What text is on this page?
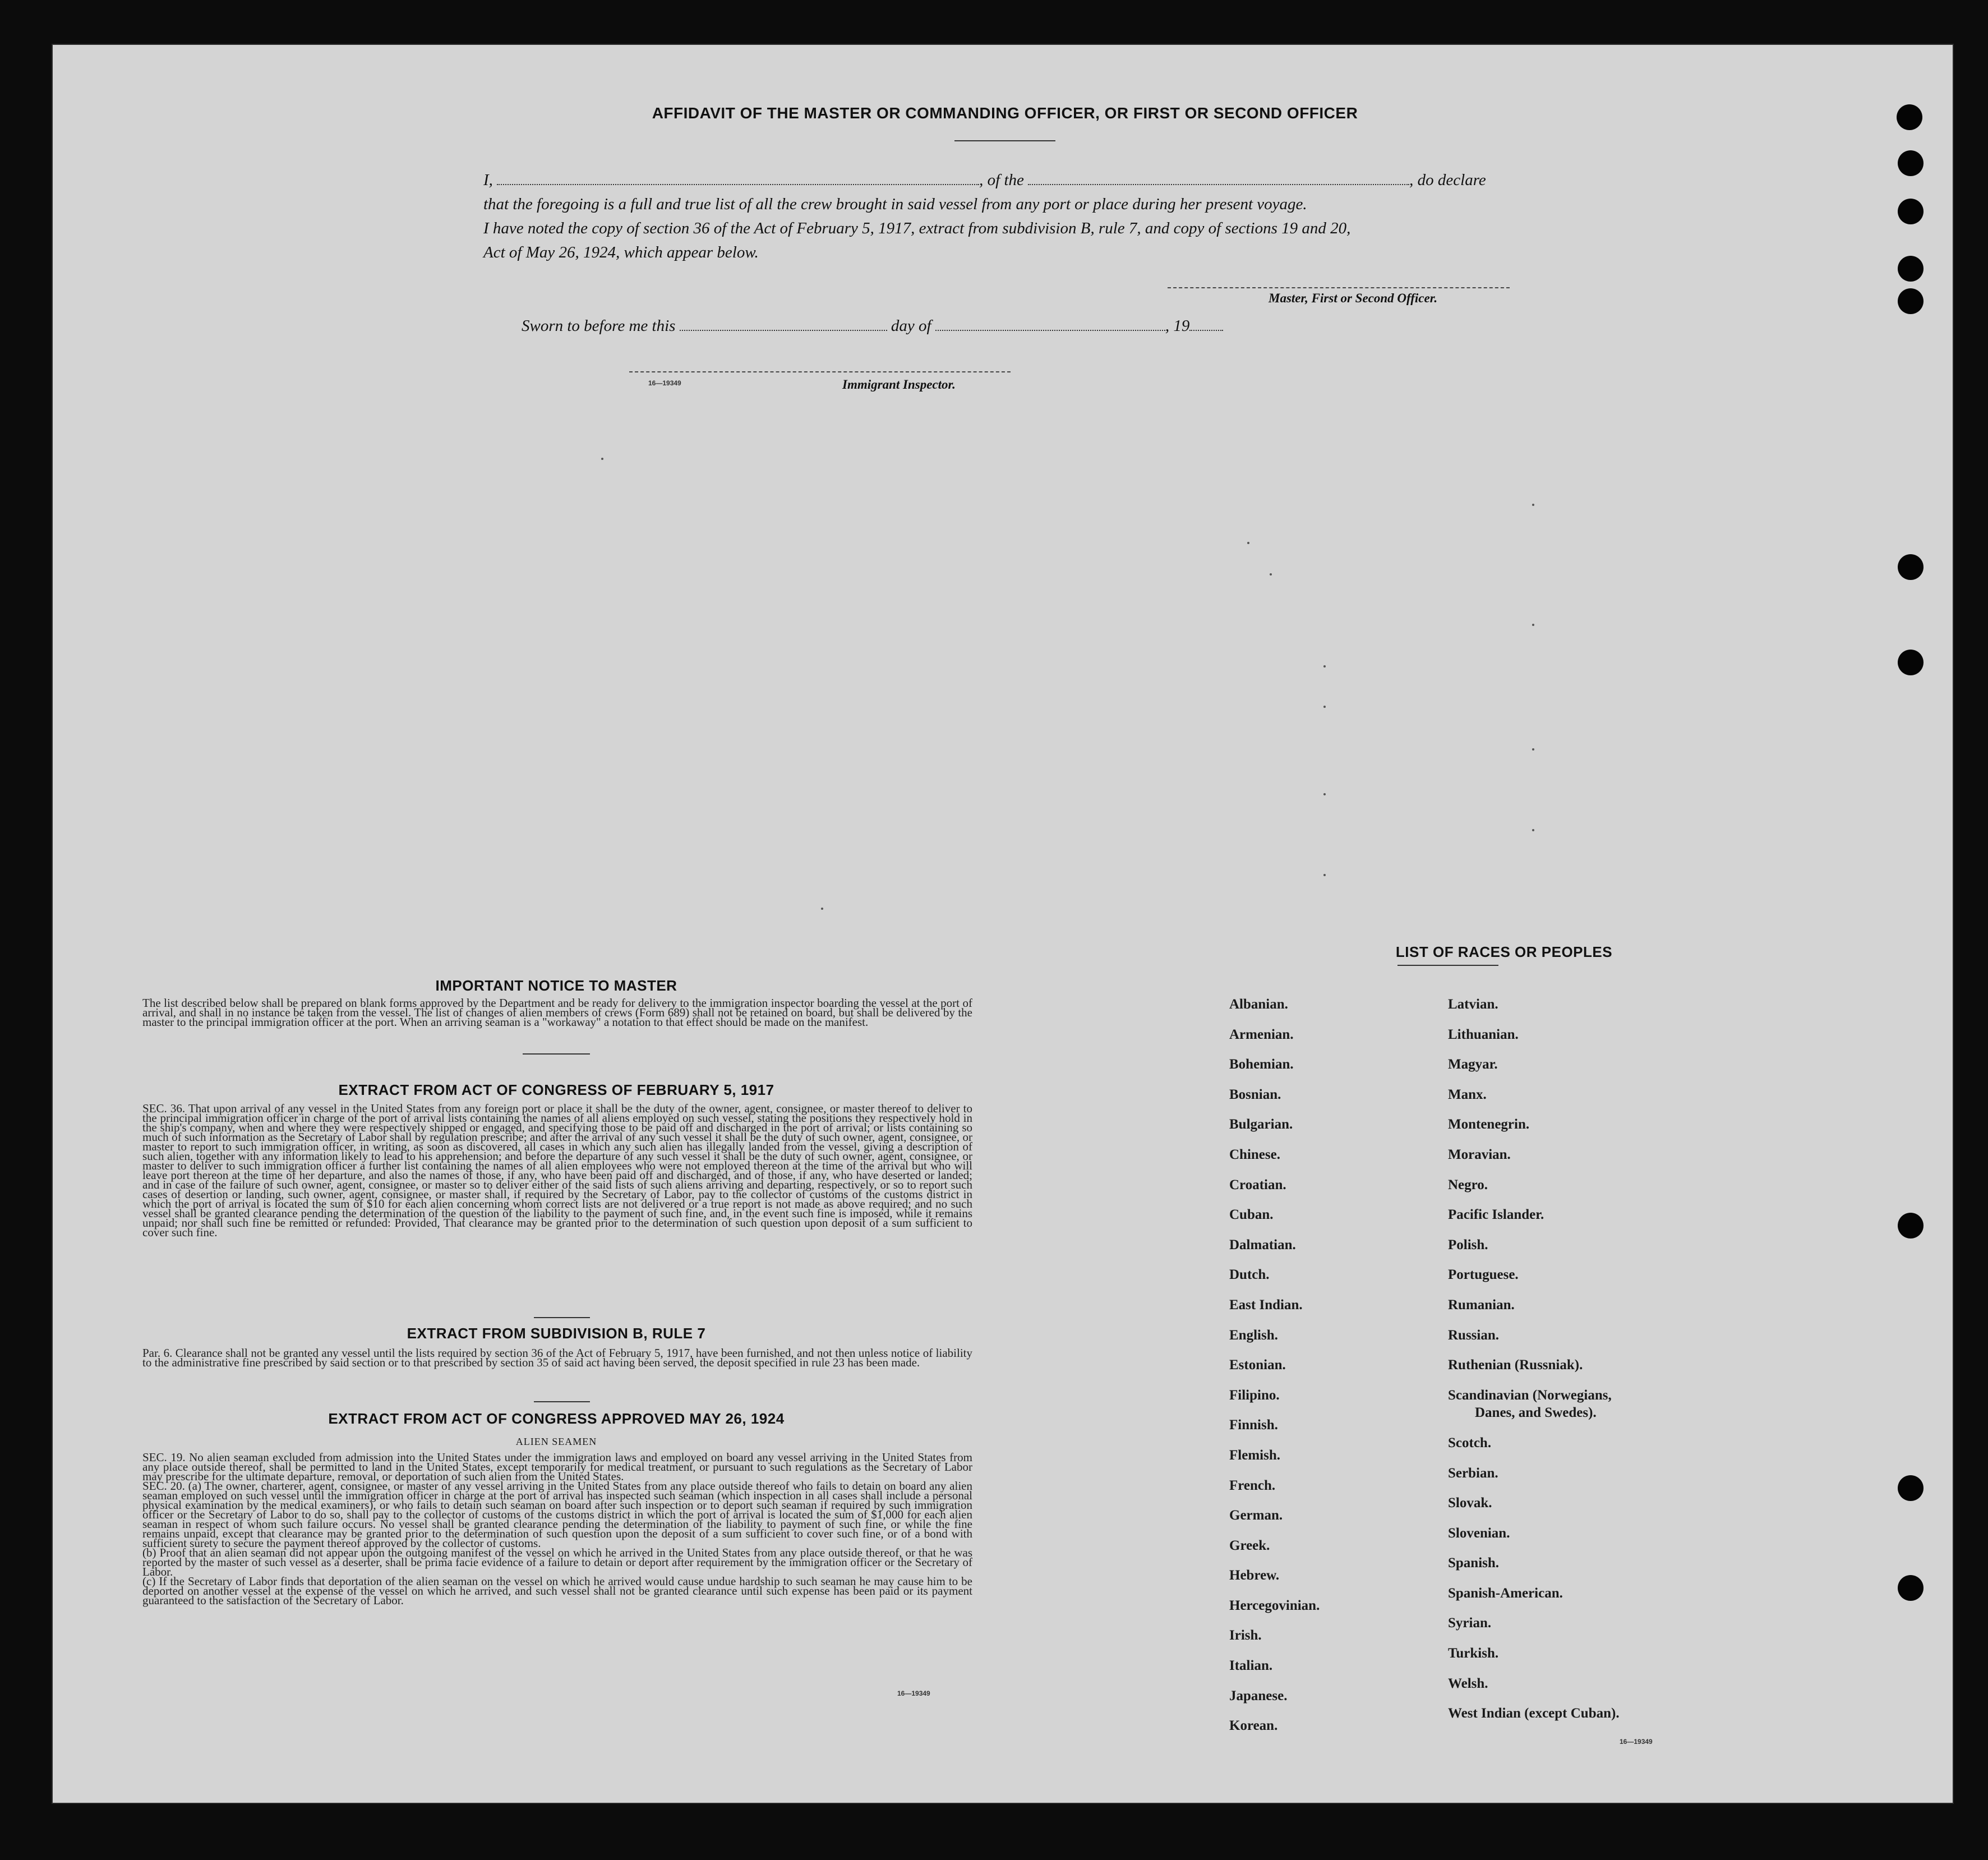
AFFIDAVIT OF THE MASTER OR COMMANDING OFFICER, OR FIRST OR SECOND OFFICER
I,	, of the	, do declare
that the foregoing is a full and true list of all the crew brought in said vessel from any port or place during her present voyage.
I have noted the copy of section 36 of the Act of February 5, 1917, extract from subdivision B, rule 7, and copy of sections 19 and 20,
Act of May 26, 1924, which appear below.
Master, First or Second Officer.
Sworn to before me this	day of	, 19
16—19349	Immigrant Inspector.
IMPORTANT NOTICE TO MASTER
The list described below shall be prepared on blank forms approved by the Department and be ready for delivery to the immigration inspector boarding the vessel at the port of arrival, and shall in no instance be taken from the vessel. The list of changes of alien members of crews (Form 689) shall not be retained on board, but shall be delivered by the master to the principal immigration officer at the port. When an arriving seaman is a "workaway" a notation to that effect should be made on the manifest.
EXTRACT FROM ACT OF CONGRESS OF FEBRUARY 5, 1917
SEC. 36. That upon arrival of any vessel in the United States from any foreign port or place it shall be the duty of the owner, agent, consignee, or master thereof to deliver to the principal immigration officer in charge of the port of arrival lists containing the names of all aliens employed on such vessel, stating the positions they respectively hold in the ship's company, when and where they were respectively shipped or engaged, and specifying those to be paid off and discharged in the port of arrival; or lists containing so much of such information as the Secretary of Labor shall by regulation prescribe; and after the arrival of any such vessel it shall be the duty of such owner, agent, consignee, or master to report to such immigration officer, in writing, as soon as discovered, all cases in which any such alien has illegally landed from the vessel, giving a description of such alien, together with any information likely to lead to his apprehension; and before the departure of any such vessel it shall be the duty of such owner, agent, consignee, or master to deliver to such immigration officer a further list containing the names of all alien employees who were not employed thereon at the time of the arrival but who will leave port thereon at the time of her departure, and also the names of those, if any, who have been paid off and discharged, and of those, if any, who have deserted or landed; and in case of the failure of such owner, agent, consignee, or master so to deliver either of the said lists of such aliens arriving and departing, respectively, or so to report such cases of desertion or landing, such owner, agent, consignee, or master shall, if required by the Secretary of Labor, pay to the collector of customs of the customs district in which the port of arrival is located the sum of $10 for each alien concerning whom correct lists are not delivered or a true report is not made as above required; and no such vessel shall be granted clearance pending the determination of the question of the liability to the payment of such fine, and, in the event such fine is imposed, while it remains unpaid; nor shall such fine be remitted or refunded: Provided, That clearance may be granted prior to the determination of such question upon deposit of a sum sufficient to cover such fine.
EXTRACT FROM SUBDIVISION B, RULE 7
Par. 6. Clearance shall not be granted any vessel until the lists required by section 36 of the Act of February 5, 1917, have been furnished, and not then unless notice of liability to the administrative fine prescribed by said section or to that prescribed by section 35 of said act having been served, the deposit specified in rule 23 has been made.
EXTRACT FROM ACT OF CONGRESS APPROVED MAY 26, 1924
ALIEN SEAMEN
SEC. 19. No alien seaman excluded from admission into the United States under the immigration laws and employed on board any vessel arriving in the United States from any place outside thereof, shall be permitted to land in the United States, except temporarily for medical treatment, or pursuant to such regulations as the Secretary of Labor may prescribe for the ultimate departure, removal, or deportation of such alien from the United States.
SEC. 20. (a) The owner, charterer, agent, consignee, or master of any vessel arriving in the United States from any place outside thereof who fails to detain on board any alien seaman employed on such vessel until the immigration officer in charge at the port of arrival has inspected such seaman (which inspection in all cases shall include a personal physical examination by the medical examiners), or who fails to detain such seaman on board after such inspection or to deport such seaman if required by such immigration officer or the Secretary of Labor to do so, shall pay to the collector of customs of the customs district in which the port of arrival is located the sum of $1,000 for each alien seaman in respect of whom such failure occurs. No vessel shall be granted clearance pending the determination of the liability to payment of such fine, or while the fine remains unpaid, except that clearance may be granted prior to the determination of such question upon the deposit of a sum sufficient to cover such fine, or of a bond with sufficient surety to secure the payment thereof approved by the collector of customs.
(b) Proof that an alien seaman did not appear upon the outgoing manifest of the vessel on which he arrived in the United States from any place outside thereof, or that he was reported by the master of such vessel as a deserter, shall be prima facie evidence of a failure to detain or deport after requirement by the immigration officer or the Secretary of Labor.
(c) If the Secretary of Labor finds that deportation of the alien seaman on the vessel on which he arrived would cause undue hardship to such seaman he may cause him to be deported on another vessel at the expense of the vessel on which he arrived, and such vessel shall not be granted clearance until such expense has been paid or its payment guaranteed to the satisfaction of the Secretary of Labor.
16—19349
LIST OF RACES OR PEOPLES
Albanian.
Armenian.
Bohemian.
Bosnian.
Bulgarian.
Chinese.
Croatian.
Cuban.
Dalmatian.
Dutch.
East Indian.
English.
Estonian.
Filipino.
Finnish.
Flemish.
French.
German.
Greek.
Hebrew.
Hercegovinian.
Irish.
Italian.
Japanese.
Korean.
Latvian.
Lithuanian.
Magyar.
Manx.
Montenegrin.
Moravian.
Negro.
Pacific Islander.
Polish.
Portuguese.
Rumanian.
Russian.
Ruthenian (Russniak).
Scandinavian (Norwegians,
Danes, and Swedes).
Scotch.
Serbian.
Slovak.
Slovenian.
Spanish.
Spanish-American.
Syrian.
Turkish.
Welsh.
West Indian (except Cuban).
16—19349
